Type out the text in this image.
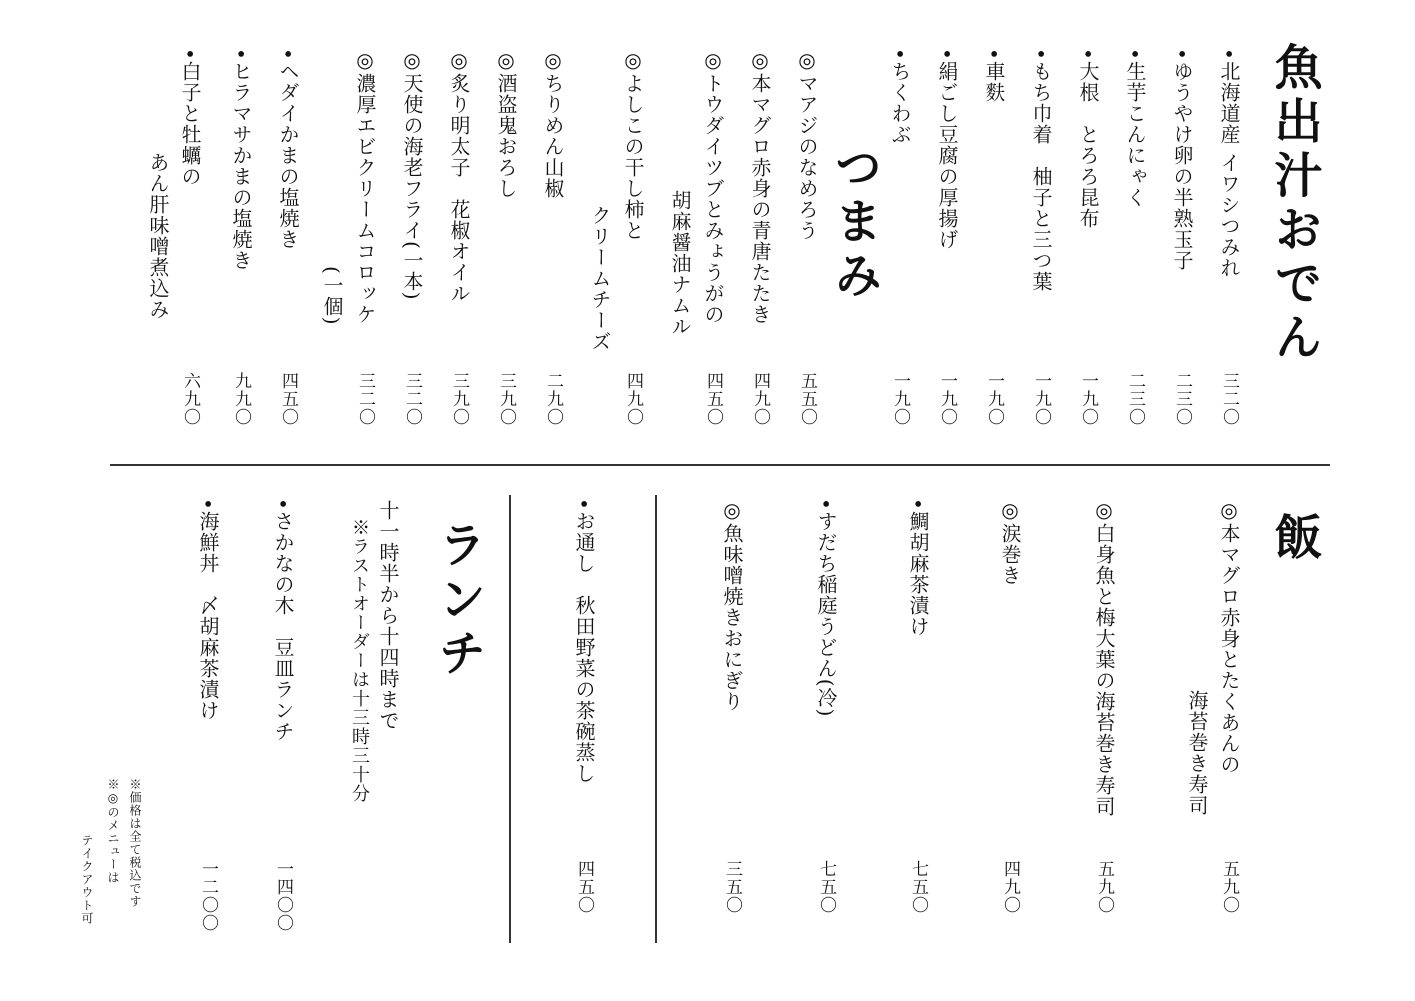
魚出汁おでん
•北海道産 イワシつみれ
三二〇
•ゆうやけ卵の半熟玉子
二三〇
•生芋こんにゃく
二三〇
•大根　とろろ昆布
一九〇
•もち巾着　柚子と三つ葉
一九〇
•車麩
一九〇
•絹ごし豆腐の厚揚げ
一九〇
•ちくわぶ
一九〇
つまみ
◎マアジのなめろう
五五〇
◎本マグロ赤身の青唐たたき
四九〇
◎トウダイツブとみょうがの
胡麻醤油ナムル
四五〇
◎よしこの干し柿と
クリームチーズ
四九〇
◎ちりめん山椒
二九〇
◎酒盗鬼おろし
三九〇
◎炙り明太子　花椒オイル
三九〇
◎天使の海老フライ(一本)
三二〇
◎濃厚エビクリームコロッケ
(一個)
三二〇
•ヘダイかまの塩焼き
四五〇
•ヒラマサかまの塩焼き
九九〇
•白子と牡蠣の
あん肝味噌煮込み
六九〇
飯
◎本マグロ赤身とたくあんの
海苔巻き寿司
五九〇
◎白身魚と梅大葉の海苔巻き寿司
五九〇
◎涙巻き
四九〇
•鯛胡麻茶漬け
七五〇
•すだち稲庭うどん(冷)
七五〇
◎魚味噌焼きおにぎり
三五〇
•お通し　秋田野菜の茶碗蒸し
四五〇
ランチ
十一時半から十四時まで
※ラストオーダーは十三時三十分
•さかなの木　豆皿ランチ
一四〇〇
•海鮮丼　〆胡麻茶漬け
一二〇〇
※価格は全て税込です
※◎のメニューは
テイクアウト可
